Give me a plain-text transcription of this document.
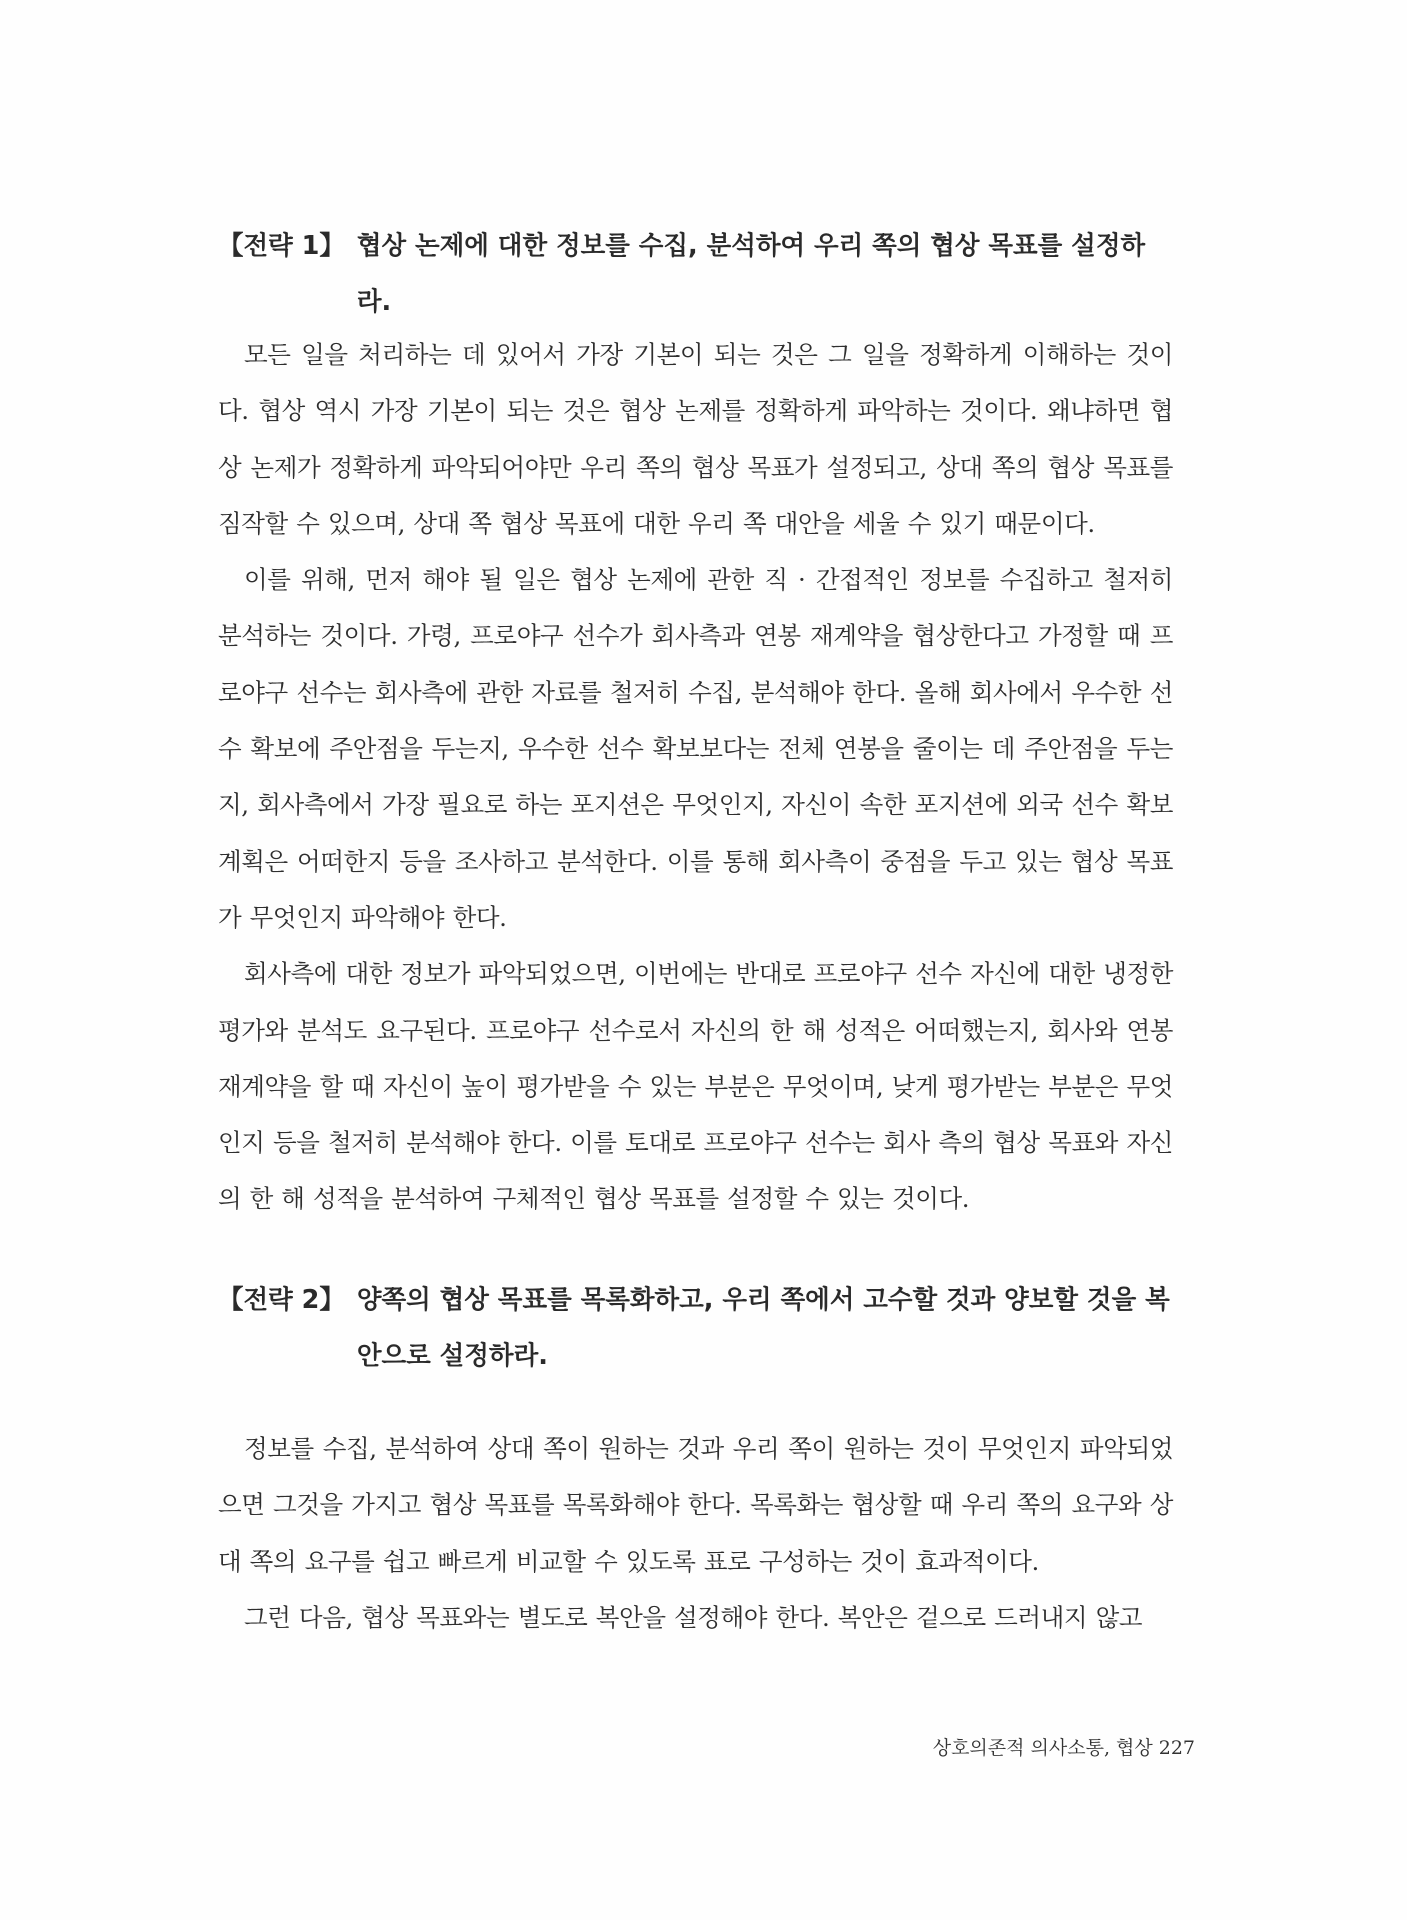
【전략 1】 협상 논제에 대한 정보를 수집, 분석하여 우리 쪽의 협상 목표를 설정하라.

모든 일을 처리하는 데 있어서 가장 기본이 되는 것은 그 일을 정확하게 이해하는 것이다. 협상 역시 가장 기본이 되는 것은 협상 논제를 정확하게 파악하는 것이다. 왜냐하면 협상 논제가 정확하게 파악되어야만 우리 쪽의 협상 목표가 설정되고, 상대 쪽의 협상 목표를 짐작할 수 있으며, 상대 쪽 협상 목표에 대한 우리 쪽 대안을 세울 수 있기 때문이다.

이를 위해, 먼저 해야 될 일은 협상 논제에 관한 직 · 간접적인 정보를 수집하고 철저히 분석하는 것이다. 가령, 프로야구 선수가 회사측과 연봉 재계약을 협상한다고 가정할 때 프로야구 선수는 회사측에 관한 자료를 철저히 수집, 분석해야 한다. 올해 회사에서 우수한 선수 확보에 주안점을 두는지, 우수한 선수 확보보다는 전체 연봉을 줄이는 데 주안점을 두는지, 회사측에서 가장 필요로 하는 포지션은 무엇인지, 자신이 속한 포지션에 외국 선수 확보 계획은 어떠한지 등을 조사하고 분석한다. 이를 통해 회사측이 중점을 두고 있는 협상 목표가 무엇인지 파악해야 한다.

회사측에 대한 정보가 파악되었으면, 이번에는 반대로 프로야구 선수 자신에 대한 냉정한 평가와 분석도 요구된다. 프로야구 선수로서 자신의 한 해 성적은 어떠했는지, 회사와 연봉 재계약을 할 때 자신이 높이 평가받을 수 있는 부분은 무엇이며, 낮게 평가받는 부분은 무엇인지 등을 철저히 분석해야 한다. 이를 토대로 프로야구 선수는 회사 측의 협상 목표와 자신의 한 해 성적을 분석하여 구체적인 협상 목표를 설정할 수 있는 것이다.

【전략 2】 양쪽의 협상 목표를 목록화하고, 우리 쪽에서 고수할 것과 양보할 것을 복안으로 설정하라.

정보를 수집, 분석하여 상대 쪽이 원하는 것과 우리 쪽이 원하는 것이 무엇인지 파악되었으면 그것을 가지고 협상 목표를 목록화해야 한다. 목록화는 협상할 때 우리 쪽의 요구와 상대 쪽의 요구를 쉽고 빠르게 비교할 수 있도록 표로 구성하는 것이 효과적이다.

그런 다음, 협상 목표와는 별도로 복안을 설정해야 한다. 복안은 겉으로 드러내지 않고

상호의존적 의사소통, 협상 227
